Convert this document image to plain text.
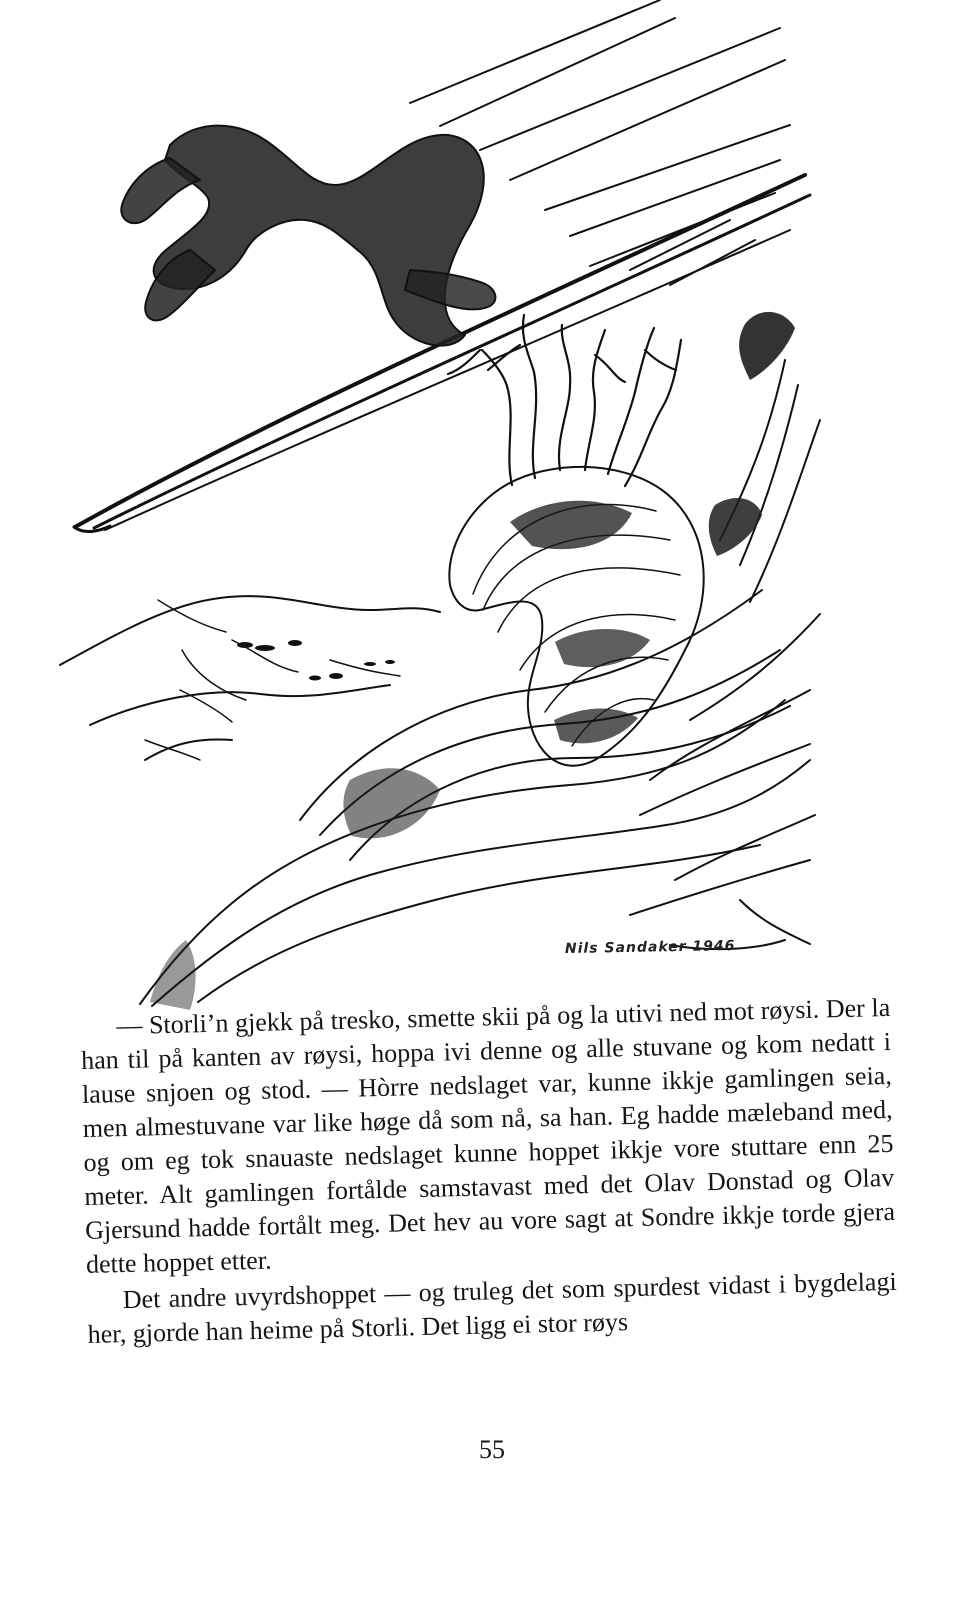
Nils Sandaker 1946

— Storli’n gjekk på tresko, smette skii på og la utivi ned mot røysi. Der la han til på kanten av røysi, hoppa ivi denne og alle stuvane og kom nedatt i lause snjoen og stod. — Hòrre nedslaget var, kunne ikkje gamlingen seia, men almestuvane var like høge då som nå, sa han. Eg hadde mæleband med, og om eg tok snauaste nedslaget kunne hoppet ikkje vore stuttare enn 25 meter. Alt gamlingen fortålde samstavast med det Olav Donstad og Olav Gjersund hadde fortålt meg. Det hev au vore sagt at Sondre ikkje torde gjera dette hoppet etter.

Det andre uvyrdshoppet — og truleg det som spurdest vidast i bygdelagi her, gjorde han heime på Storli. Det ligg ei stor røys

55
